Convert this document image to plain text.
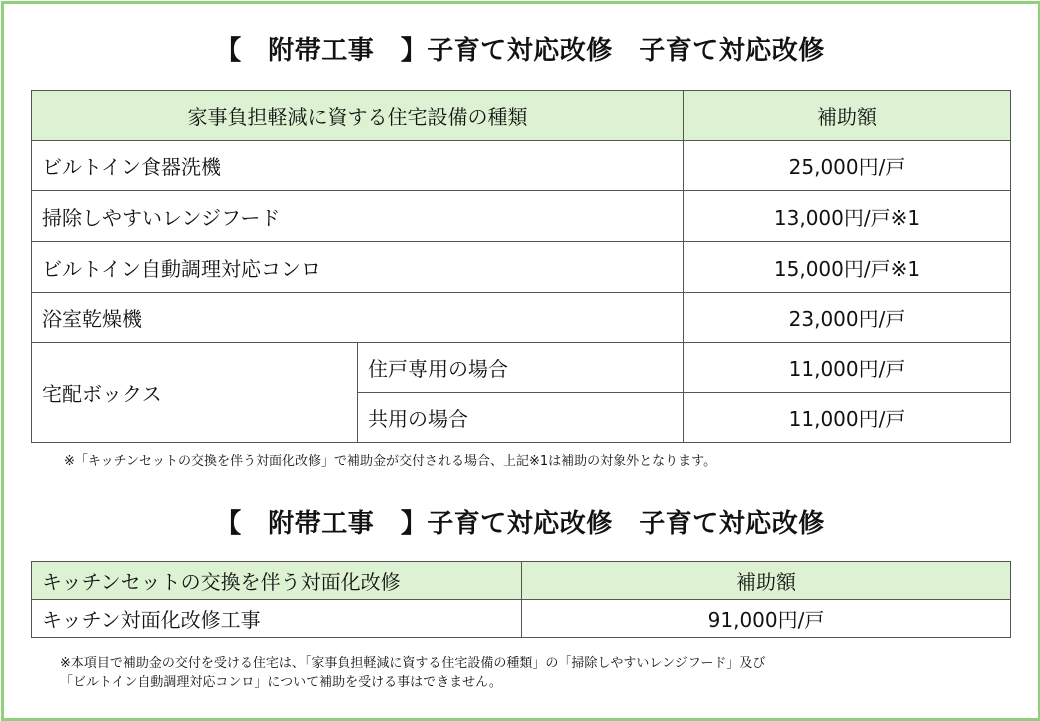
【　附帯工事　】子育て対応改修　子育て対応改修
家事負担軽減に資する住宅設備の種類		補助額
ビルトイン食器洗機		25,000円/戸
掃除しやすいレンジフード		13,000円/戸※1
ビルトイン自動調理対応コンロ		15,000円/戸※1
浴室乾燥機		23,000円/戸
宅配ボックス	住戸専用の場合	11,000円/戸
	共用の場合	11,000円/戸
※「キッチンセットの交換を伴う対面化改修」で補助金が交付される場合、上記※1は補助の対象外となります。
【　附帯工事　】子育て対応改修　子育て対応改修
キッチンセットの交換を伴う対面化改修	補助額
キッチン対面化改修工事	91,000円/戸
※本項目で補助金の交付を受ける住宅は、「家事負担軽減に資する住宅設備の種類」の「掃除しやすいレンジフード」及び
「ビルトイン自動調理対応コンロ」について補助を受ける事はできません。
